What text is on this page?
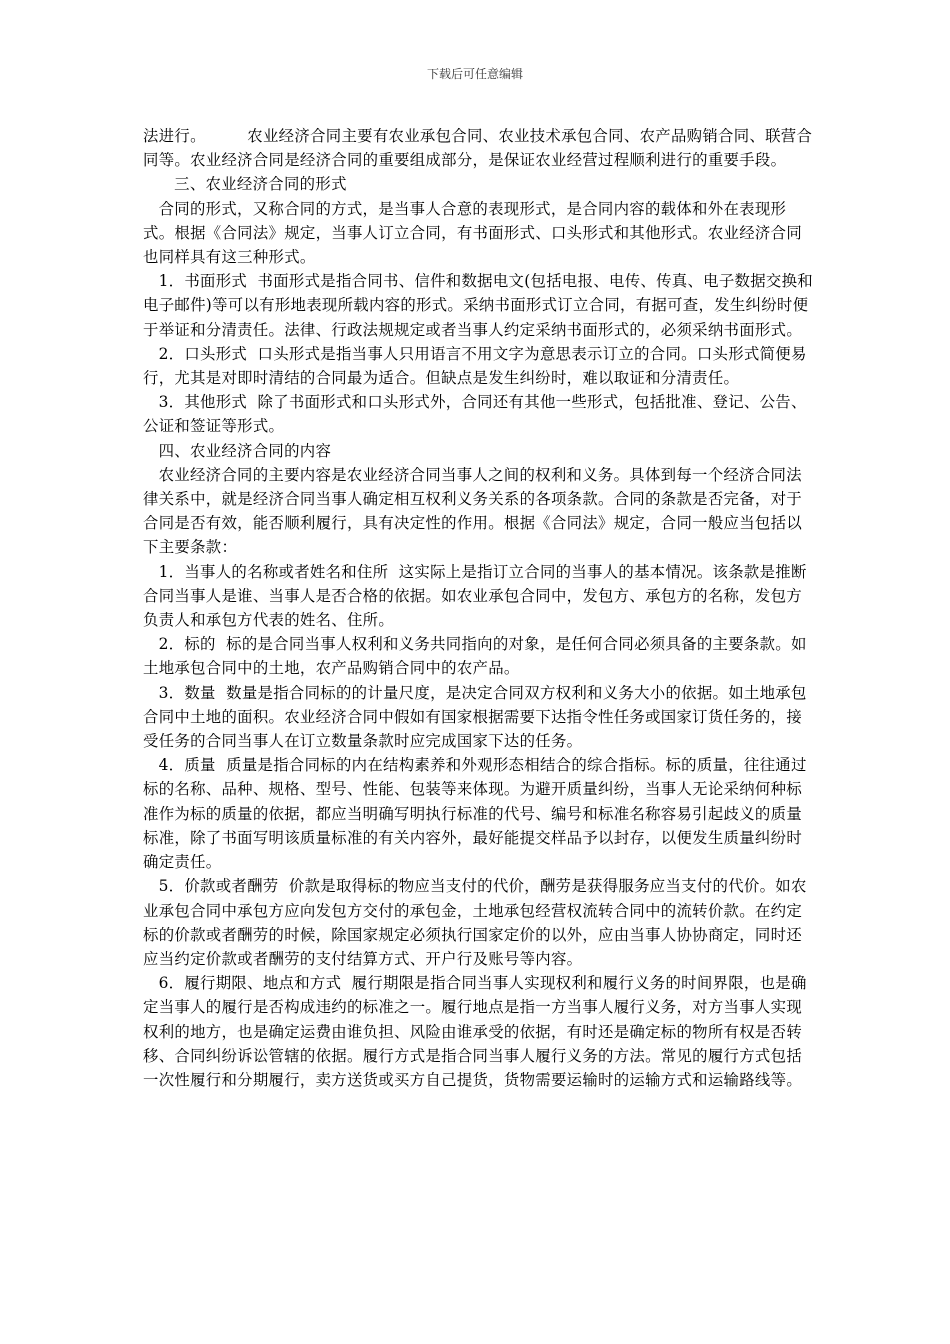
下载后可任意编辑

法进行。        农业经济合同主要有农业承包合同、农业技术承包合同、农产品购销合同、联营合同等。农业经济合同是经济合同的重要组成部分，是保证农业经营过程顺利进行的重要手段。

三、农业经济合同的形式

合同的形式，又称合同的方式，是当事人合意的表现形式，是合同内容的载体和外在表现形式。根据《合同法》规定，当事人订立合同，有书面形式、口头形式和其他形式。农业经济合同也同样具有这三种形式。

1．书面形式  书面形式是指合同书、信件和数据电文(包括电报、电传、传真、电子数据交换和电子邮件)等可以有形地表现所载内容的形式。采纳书面形式订立合同，有据可查，发生纠纷时便于举证和分清责任。法律、行政法规规定或者当事人约定采纳书面形式的，必须采纳书面形式。

2．口头形式  口头形式是指当事人只用语言不用文字为意思表示订立的合同。口头形式简便易行，尤其是对即时清结的合同最为适合。但缺点是发生纠纷时，难以取证和分清责任。

3．其他形式  除了书面形式和口头形式外，合同还有其他一些形式，包括批准、登记、公告、公证和签证等形式。

四、农业经济合同的内容

农业经济合同的主要内容是农业经济合同当事人之间的权利和义务。具体到每一个经济合同法律关系中，就是经济合同当事人确定相互权利义务关系的各项条款。合同的条款是否完备，对于合同是否有效，能否顺利履行，具有决定性的作用。根据《合同法》规定，合同一般应当包括以下主要条款：

1．当事人的名称或者姓名和住所  这实际上是指订立合同的当事人的基本情况。该条款是推断合同当事人是谁、当事人是否合格的依据。如农业承包合同中，发包方、承包方的名称，发包方负责人和承包方代表的姓名、住所。

2．标的  标的是合同当事人权利和义务共同指向的对象，是任何合同必须具备的主要条款。如土地承包合同中的土地，农产品购销合同中的农产品。

3．数量  数量是指合同标的的计量尺度，是决定合同双方权利和义务大小的依据。如土地承包合同中土地的面积。农业经济合同中假如有国家根据需要下达指令性任务或国家订货任务的，接受任务的合同当事人在订立数量条款时应完成国家下达的任务。

4．质量  质量是指合同标的内在结构素养和外观形态相结合的综合指标。标的质量，往往通过标的名称、品种、规格、型号、性能、包装等来体现。为避开质量纠纷，当事人无论采纳何种标准作为标的质量的依据，都应当明确写明执行标准的代号、编号和标准名称容易引起歧义的质量标准，除了书面写明该质量标准的有关内容外，最好能提交样品予以封存，以便发生质量纠纷时确定责任。

5．价款或者酬劳  价款是取得标的物应当支付的代价，酬劳是获得服务应当支付的代价。如农业承包合同中承包方应向发包方交付的承包金，土地承包经营权流转合同中的流转价款。在约定标的价款或者酬劳的时候，除国家规定必须执行国家定价的以外，应由当事人协协商定，同时还应当约定价款或者酬劳的支付结算方式、开户行及账号等内容。

6．履行期限、地点和方式  履行期限是指合同当事人实现权利和履行义务的时间界限，也是确定当事人的履行是否构成违约的标准之一。履行地点是指一方当事人履行义务，对方当事人实现权利的地方，也是确定运费由谁负担、风险由谁承受的依据，有时还是确定标的物所有权是否转移、合同纠纷诉讼管辖的依据。履行方式是指合同当事人履行义务的方法。常见的履行方式包括一次性履行和分期履行，卖方送货或买方自己提货，货物需要运输时的运输方式和运输路线等。
